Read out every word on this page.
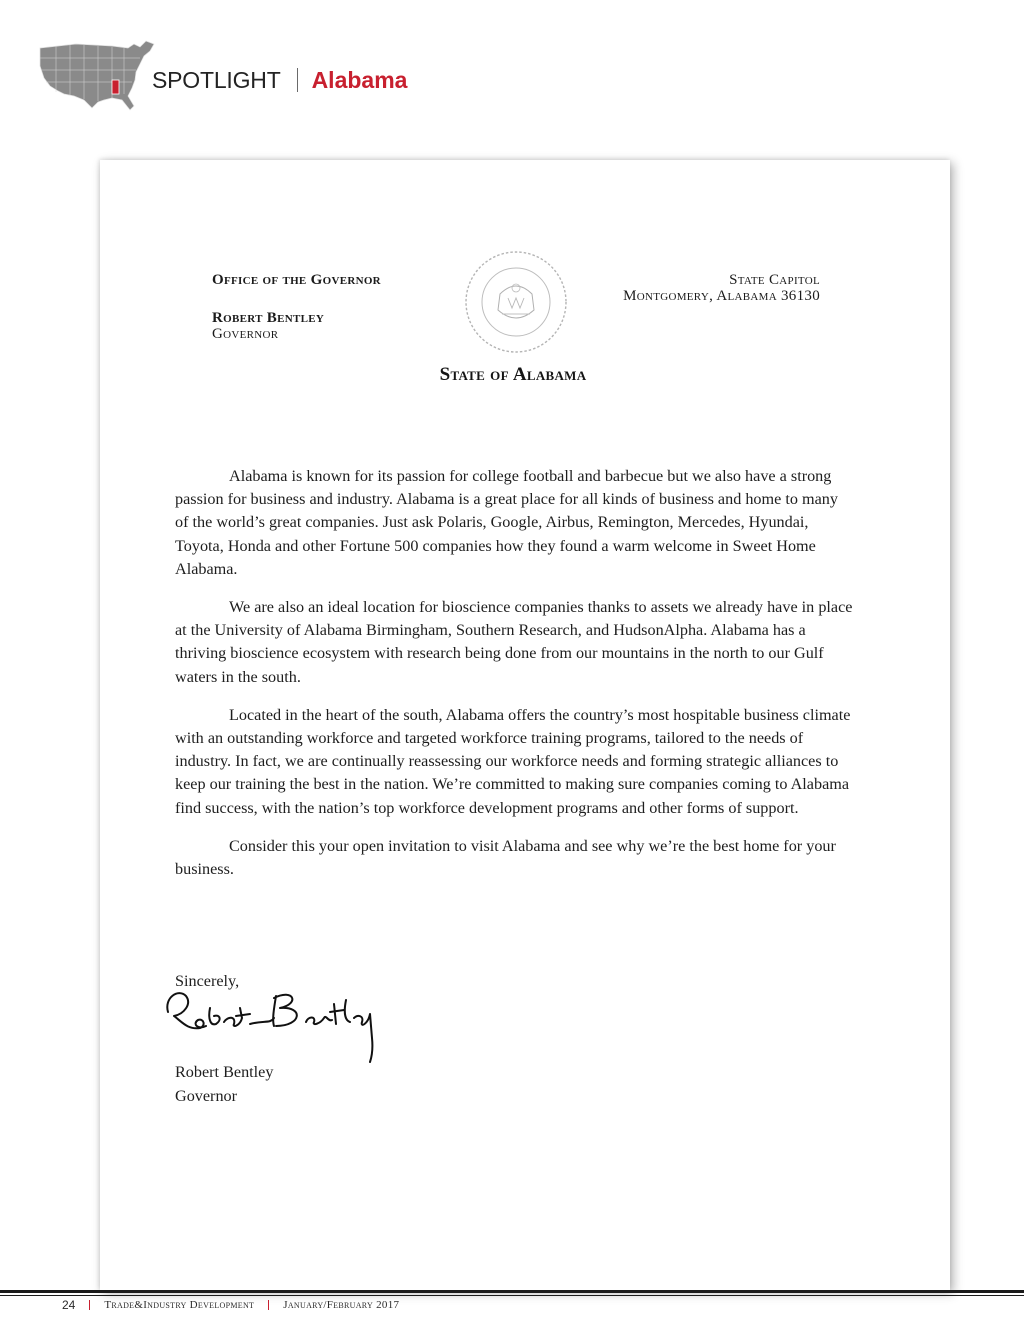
SPOTLIGHT Alabama
Office of the Governor
Robert Bentley
Governor
State Capitol
Montgomery, Alabama 36130
State of Alabama

Alabama is known for its passion for college football and barbecue but we also have a strong passion for business and industry. Alabama is a great place for all kinds of business and home to many of the world’s great companies. Just ask Polaris, Google, Airbus, Remington, Mercedes, Hyundai, Toyota, Honda and other Fortune 500 companies how they found a warm welcome in Sweet Home Alabama.

We are also an ideal location for bioscience companies thanks to assets we already have in place at the University of Alabama Birmingham, Southern Research, and HudsonAlpha. Alabama has a thriving bioscience ecosystem with research being done from our mountains in the north to our Gulf waters in the south.

Located in the heart of the south, Alabama offers the country’s most hospitable business climate with an outstanding workforce and targeted workforce training programs, tailored to the needs of industry. In fact, we are continually reassessing our workforce needs and forming strategic alliances to keep our training the best in the nation. We’re committed to making sure companies coming to Alabama find success, with the nation’s top workforce development programs and other forms of support.

Consider this your open invitation to visit Alabama and see why we’re the best home for your business.

Sincerely,
Robert Bentley
Governor
24	Trade&Industry Development	January/February 2017
